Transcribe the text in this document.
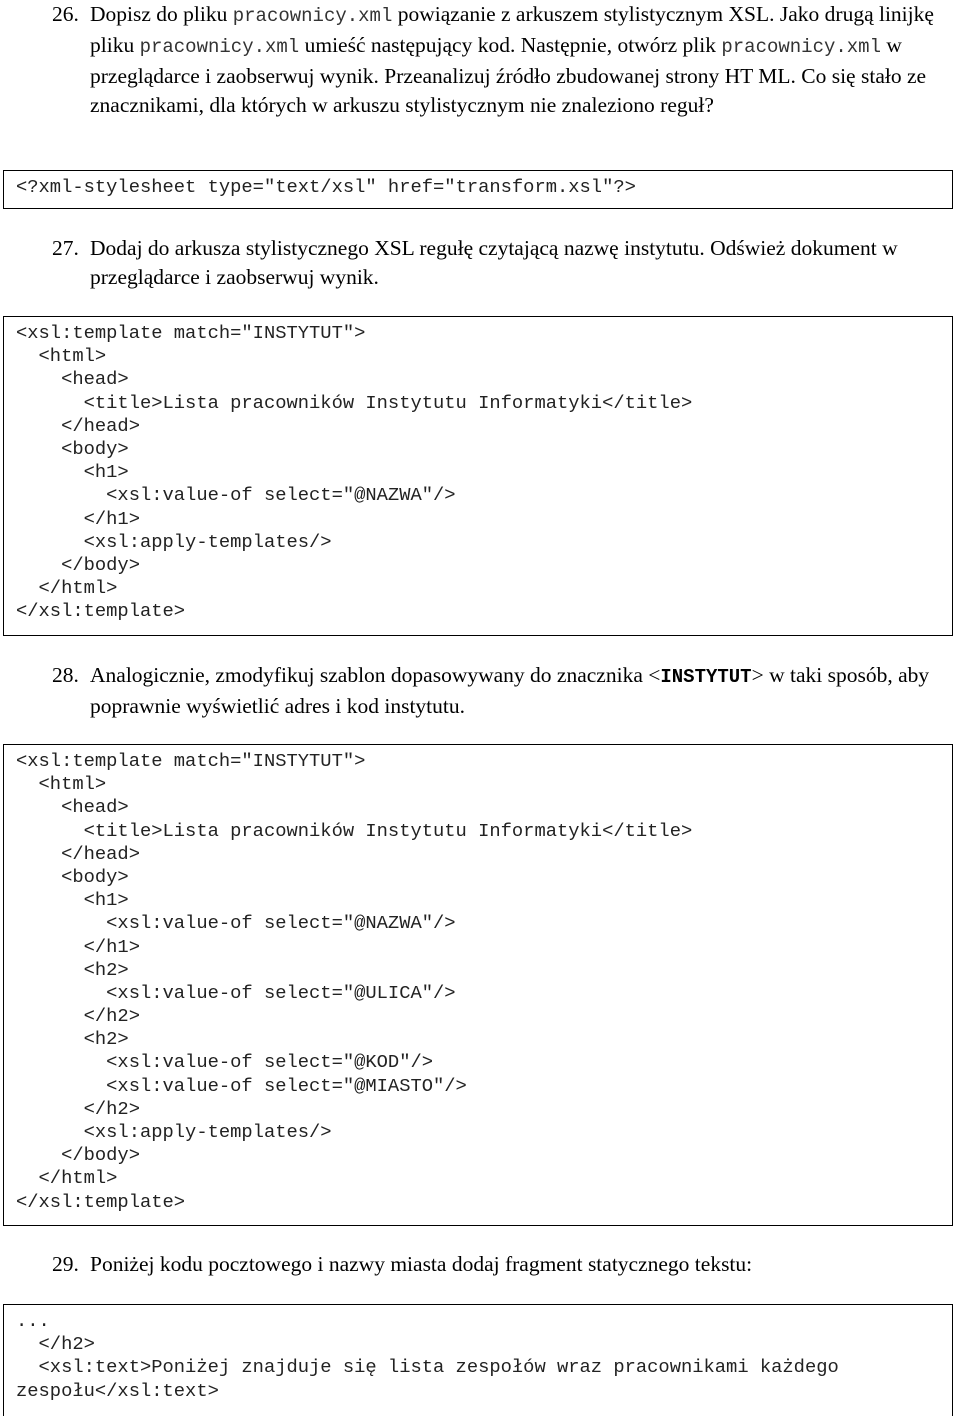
26. Dopisz do pliku pracownicy.xml powiązanie z arkuszem stylistycznym XSL. Jako drugą linijkę pliku pracownicy.xml umieść następujący kod. Następnie, otwórz plik pracownicy.xml w przeglądarce i zaobserwuj wynik. Przeanalizuj źródło zbudowanej strony HT ML. Co się stało ze znacznikami, dla których w arkuszu stylistycznym nie znaleziono reguł?
<?xml-stylesheet type="text/xsl" href="transform.xsl"?>
27. Dodaj do arkusza stylistycznego XSL regułę czytającą nazwę instytutu. Odśwież dokument w przeglądarce i zaobserwuj wynik.
<xsl:template match="INSTYTUT">
<html>
<head>
<title>Lista pracowników Instytutu Informatyki</title>
</head>
<body>
<h1>
<xsl:value-of select="@NAZWA"/>
</h1>
<xsl:apply-templates/>
</body>
</html>
</xsl:template>
28. Analogicznie, zmodyfikuj szablon dopasowywany do znacznika <INSTYTUT> w taki sposób, aby poprawnie wyświetlić adres i kod instytutu.
<xsl:template match="INSTYTUT">
<html>
<head>
<title>Lista pracowników Instytutu Informatyki</title>
</head>
<body>
<h1>
<xsl:value-of select="@NAZWA"/>
</h1>
<h2>
<xsl:value-of select="@ULICA"/>
</h2>
<h2>
<xsl:value-of select="@KOD"/>
<xsl:value-of select="@MIASTO"/>
</h2>
<xsl:apply-templates/>
</body>
</html>
</xsl:template>
29. Poniżej kodu pocztowego i nazwy miasta dodaj fragment statycznego tekstu:
...
</h2>
<xsl:text>Poniżej znajduje się lista zespołów wraz pracownikami każdego
zespołu</xsl:text>
